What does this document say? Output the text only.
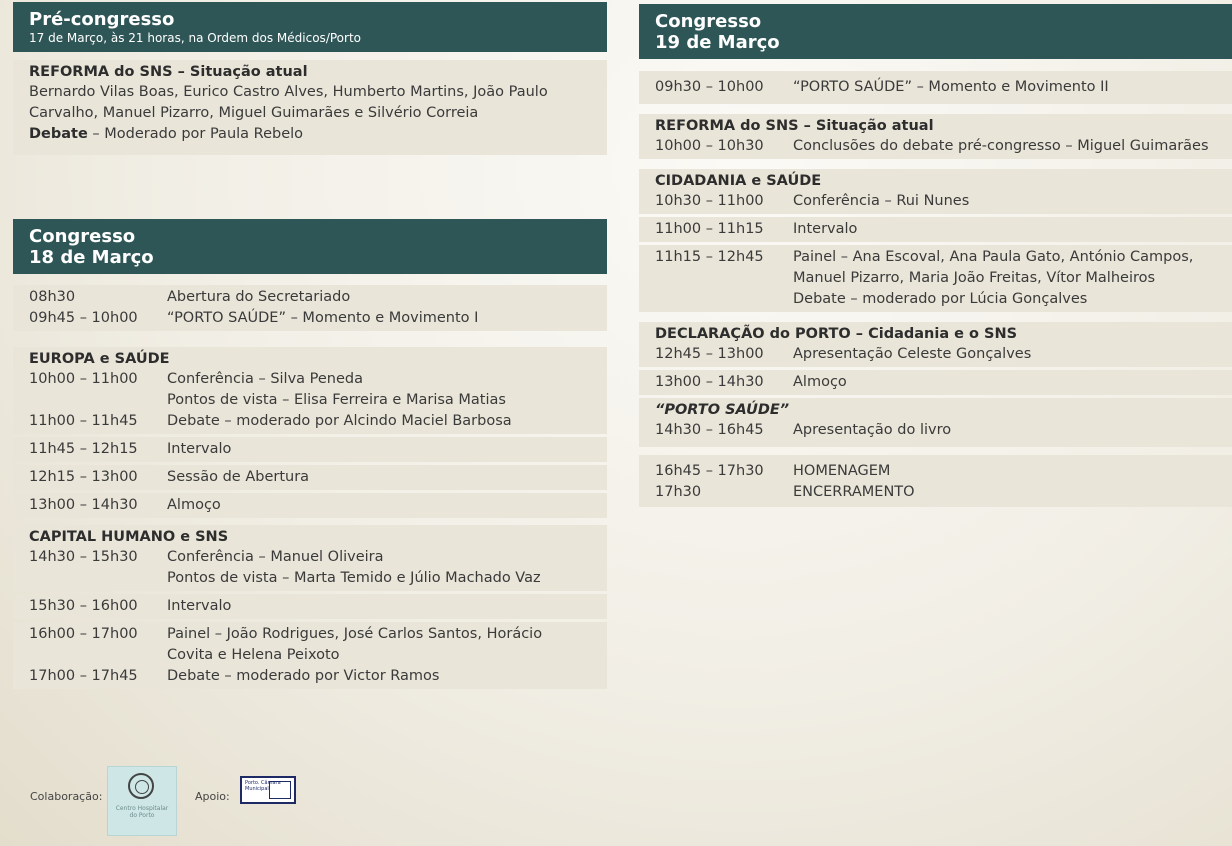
Pré-congresso
17 de Março, às 21 horas, na Ordem dos Médicos/Porto
REFORMA do SNS – Situação atual
Bernardo Vilas Boas, Eurico Castro Alves, Humberto Martins, João Paulo
Carvalho, Manuel Pizarro, Miguel Guimarães e Silvério Correia
Debate – Moderado por Paula Rebelo
Congresso
18 de Março
08h30	Abertura do Secretariado
09h45 – 10h00	“PORTO SAÚDE” – Momento e Movimento I
EUROPA e SAÚDE
10h00 – 11h00	Conferência – Silva Peneda
Pontos de vista – Elisa Ferreira e Marisa Matias
11h00 – 11h45	Debate – moderado por Alcindo Maciel Barbosa
11h45 – 12h15	Intervalo
12h15 – 13h00	Sessão de Abertura
13h00 – 14h30	Almoço
CAPITAL HUMANO e SNS
14h30 – 15h30	Conferência – Manuel Oliveira
Pontos de vista – Marta Temido e Júlio Machado Vaz
15h30 – 16h00	Intervalo
16h00 – 17h00	Painel – João Rodrigues, José Carlos Santos, Horácio
Covita e Helena Peixoto
17h00 – 17h45	Debate – moderado por Victor Ramos
Congresso
19 de Março
09h30 – 10h00	“PORTO SAÚDE” – Momento e Movimento II
REFORMA do SNS – Situação atual
10h00 – 10h30	Conclusões do debate pré-congresso – Miguel Guimarães
CIDADANIA e SAÚDE
10h30 – 11h00	Conferência – Rui Nunes
11h00 – 11h15	Intervalo
11h15 – 12h45	Painel – Ana Escoval, Ana Paula Gato, António Campos,
Manuel Pizarro, Maria João Freitas, Vítor Malheiros
Debate – moderado por Lúcia Gonçalves
DECLARAÇÃO do PORTO – Cidadania e o SNS
12h45 – 13h00	Apresentação Celeste Gonçalves
13h00 – 14h30	Almoço
“PORTO SAÚDE”
14h30 – 16h45	Apresentação do livro
16h45 – 17h30	HOMENAGEM
17h30	ENCERRAMENTO
Colaboração:
Centro Hospitalar do Porto
Apoio:
Porto. Câmara Municipal
